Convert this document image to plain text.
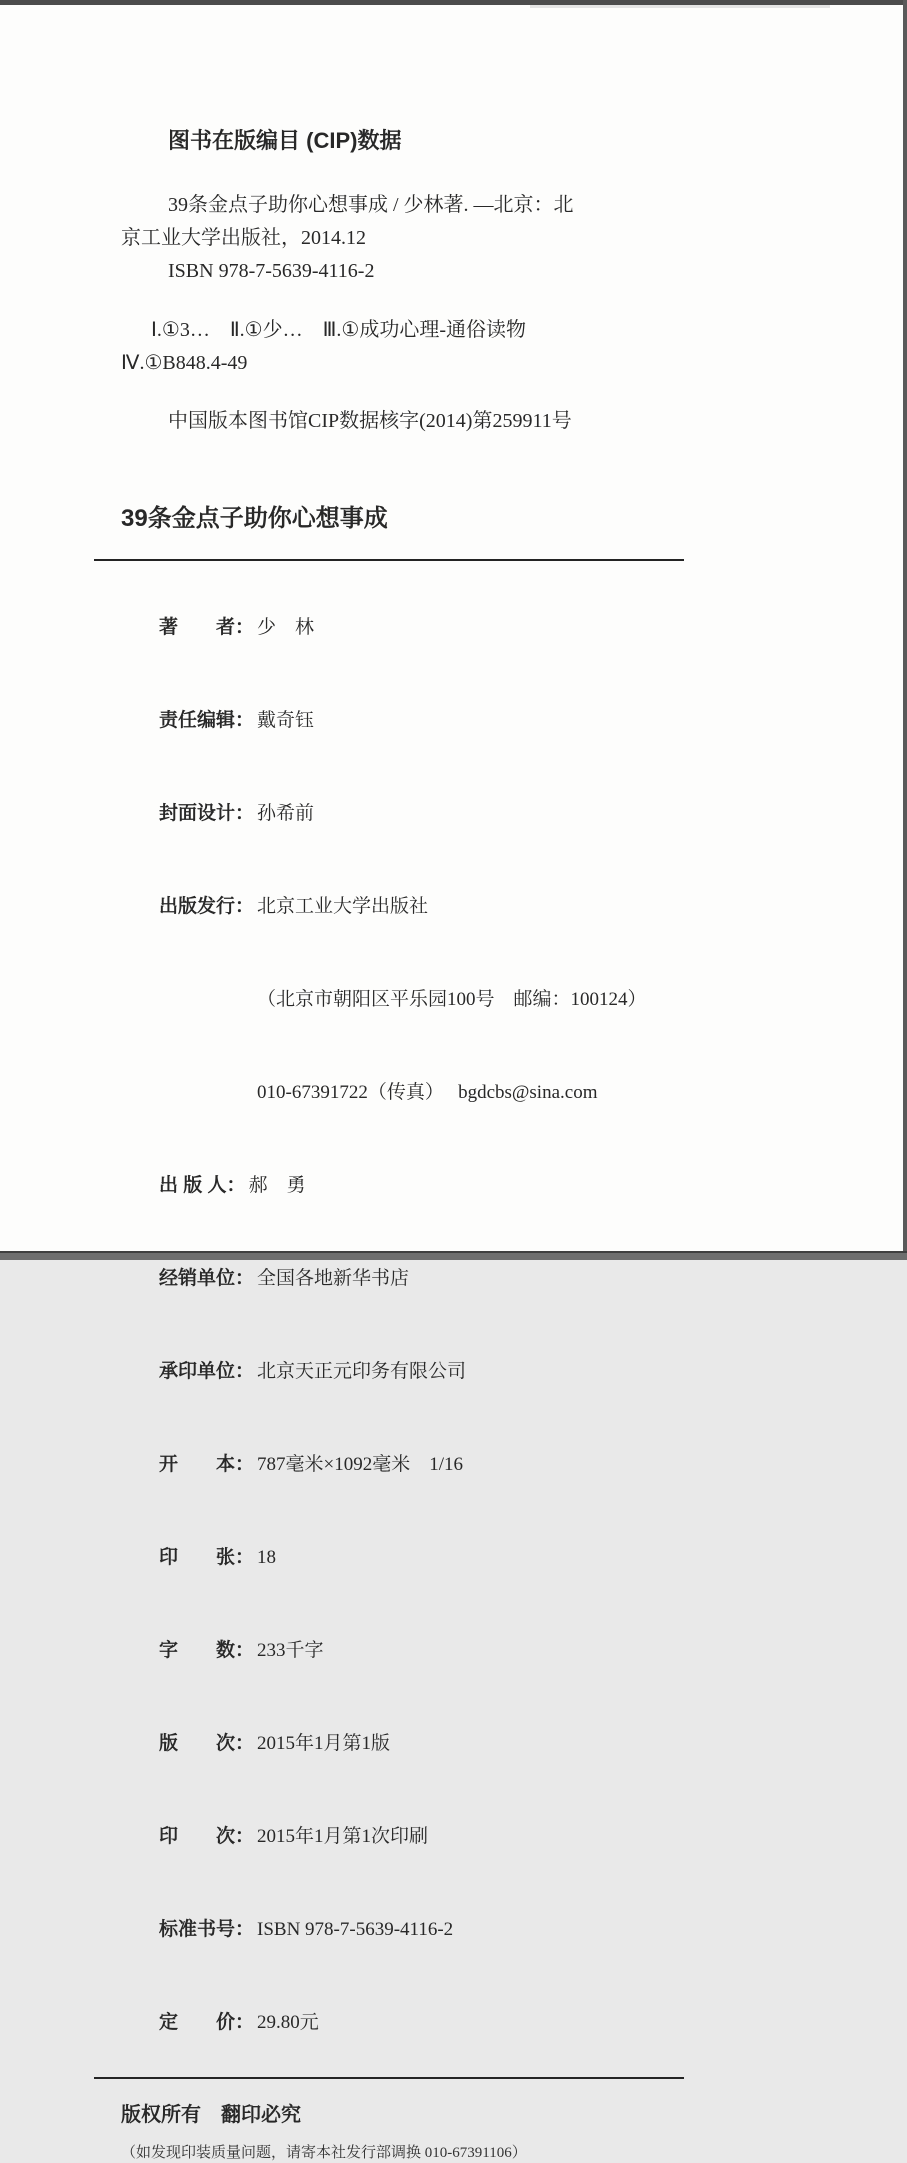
图书在版编目 (CIP)数据
39条金点子助你心想事成 / 少林著. —北京：北
京工业大学出版社，2014.12
ISBN 978-7-5639-4116-2
Ⅰ.①3…　Ⅱ.①少…　Ⅲ.①成功心理-通俗读物
Ⅳ.①B848.4-49
中国版本图书馆CIP数据核字(2014)第259911号
39条金点子助你心想事成

著　　者： 少　林

责任编辑： 戴奇钰

封面设计： 孙希前

出版发行： 北京工业大学出版社

（北京市朝阳区平乐园100号　邮编：100124）

010-67391722（传真）　 bgdcbs@sina.com

出 版 人： 郝　勇

经销单位： 全国各地新华书店

承印单位： 北京天正元印务有限公司

开　　本： 787毫米×1092毫米　1/16

印　　张： 18

字　　数： 233千字

版　　次： 2015年1月第1版

印　　次： 2015年1月第1次印刷

标准书号： ISBN 978-7-5639-4116-2

定　　价： 29.80元

版权所有　翻印必究
（如发现印装质量问题，请寄本社发行部调换 010-67391106）
